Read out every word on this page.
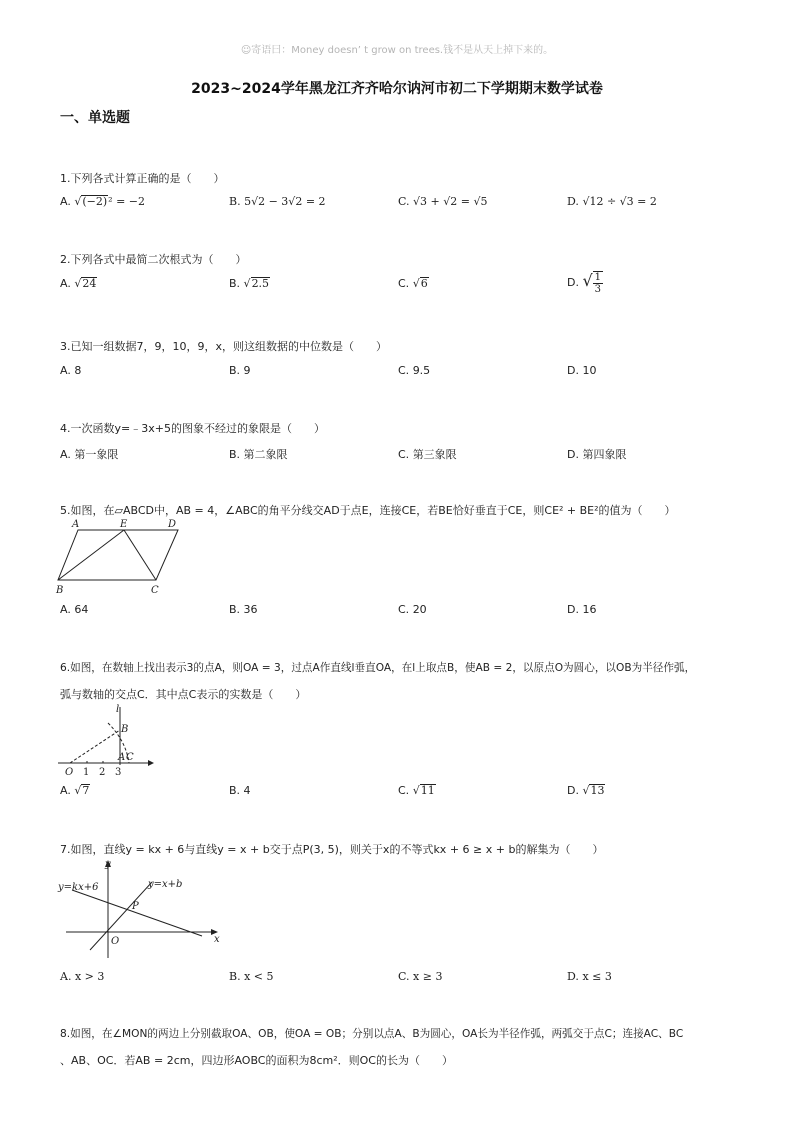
☺寄语曰：Money doesn’ t grow on trees.钱不是从天上掉下来的。
2023~2024学年黑龙江齐齐哈尔讷河市初二下学期期末数学试卷
一、单选题
1.下列各式计算正确的是（　　）
A. √(−2)² = −2	B. 5√2 − 3√2 = 2	C. √3 + √2 = √5	D. √12 ÷ √3 = 2
2.下列各式中最简二次根式为（　　）
A. √24	B. √2.5	C. √6	D. √ $\frac{1}{3}$
3.已知一组数据7，9，10，9，x，则这组数据的中位数是（　　）
A. 8	B. 9	C. 9.5	D. 10
4.一次函数y=﹣3x+5的图象不经过的象限是（　　）
A. 第一象限	B. 第二象限	C. 第三象限	D. 第四象限
5.如图，在▱ABCD中，AB = 4，∠ABC的角平分线交AD于点E，连接CE，若BE恰好垂直于CE，则CE² + BE²的值为（　　）
A	E	D
B	C
A. 64	B. 36	C. 20	D. 16
6.如图，在数轴上找出表示3的点A，则OA = 3，过点A作直线l垂直OA，在l上取点B，使AB = 2，以原点O为圆心，以OB为半径作弧，
弧与数轴的交点C．其中点C表示的实数是（　　）
l
B
A C
O 1 2 3
A. √7	B. 4	C. √11	D. √13
7.如图，直线y = kx + 6与直线y = x + b交于点P(3, 5)，则关于x的不等式kx + 6 ≥ x + b的解集为（　　）
y
y=kx+6	y=x+b
P
O	x
A. x > 3	B. x < 5	C. x ≥ 3	D. x ≤ 3
8.如图，在∠MON的两边上分别截取OA、OB，使OA = OB；分别以点A、B为圆心，OA长为半径作弧，两弧交于点C；连接AC、BC
、AB、OC．若AB = 2cm，四边形AOBC的面积为8cm²．则OC的长为（　　）
